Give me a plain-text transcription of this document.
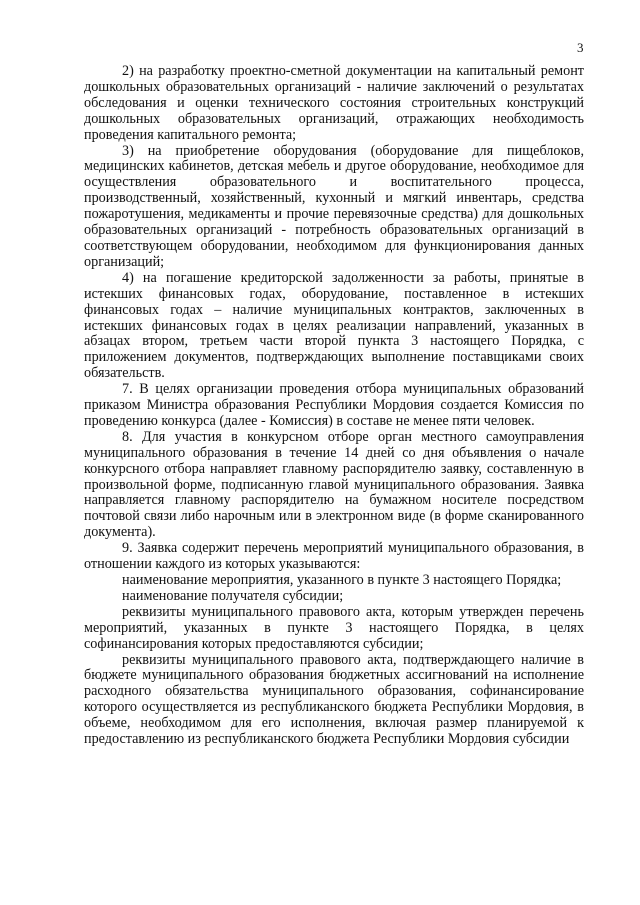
3

2) на разработку проектно-сметной документации на капитальный ремонт дошкольных образовательных организаций - наличие заключений о результатах обследования и оценки технического состояния строительных конструкций дошкольных образовательных организаций, отражающих необходимость проведения капитального ремонта;

3) на приобретение оборудования (оборудование для пищеблоков, медицинских кабинетов, детская мебель и другое оборудование, необходимое для осуществления образовательного и воспитательного процесса, производственный, хозяйственный, кухонный и мягкий инвентарь, средства пожаротушения, медикаменты и прочие перевязочные средства) для дошкольных образовательных организаций - потребность образовательных организаций в соответствующем оборудовании, необходимом для функционирования данных организаций;

4) на погашение кредиторской задолженности за работы, принятые в истекших финансовых годах, оборудование, поставленное в истекших финансовых годах – наличие муниципальных контрактов, заключенных в истекших финансовых годах в целях реализации направлений, указанных в абзацах втором, третьем части второй пункта 3 настоящего Порядка, с приложением документов, подтверждающих выполнение поставщиками своих обязательств.

7. В целях организации проведения отбора муниципальных образований приказом Министра образования Республики Мордовия создается Комиссия по проведению конкурса (далее - Комиссия) в составе не менее пяти человек.

8. Для участия в конкурсном отборе орган местного самоуправления муниципального образования в течение 14 дней со дня объявления о начале конкурсного отбора направляет главному распорядителю заявку, составленную в произвольной форме, подписанную главой муниципального образования. Заявка направляется главному распорядителю на бумажном носителе посредством почтовой связи либо нарочным или в электронном виде (в форме сканированного документа).

9. Заявка содержит перечень мероприятий муниципального образования, в отношении каждого из которых указываются:

наименование мероприятия, указанного в пункте 3 настоящего Порядка;

наименование получателя субсидии;

реквизиты муниципального правового акта, которым утвержден перечень мероприятий, указанных в пункте 3 настоящего Порядка, в целях софинансирования которых предоставляются субсидии;

реквизиты муниципального правового акта, подтверждающего наличие в бюджете муниципального образования бюджетных ассигнований на исполнение расходного обязательства муниципального образования, софинансирование которого осуществляется из республиканского бюджета Республики Мордовия, в объеме, необходимом для его исполнения, включая размер планируемой к предоставлению из республиканского бюджета Республики Мордовия субсидии
